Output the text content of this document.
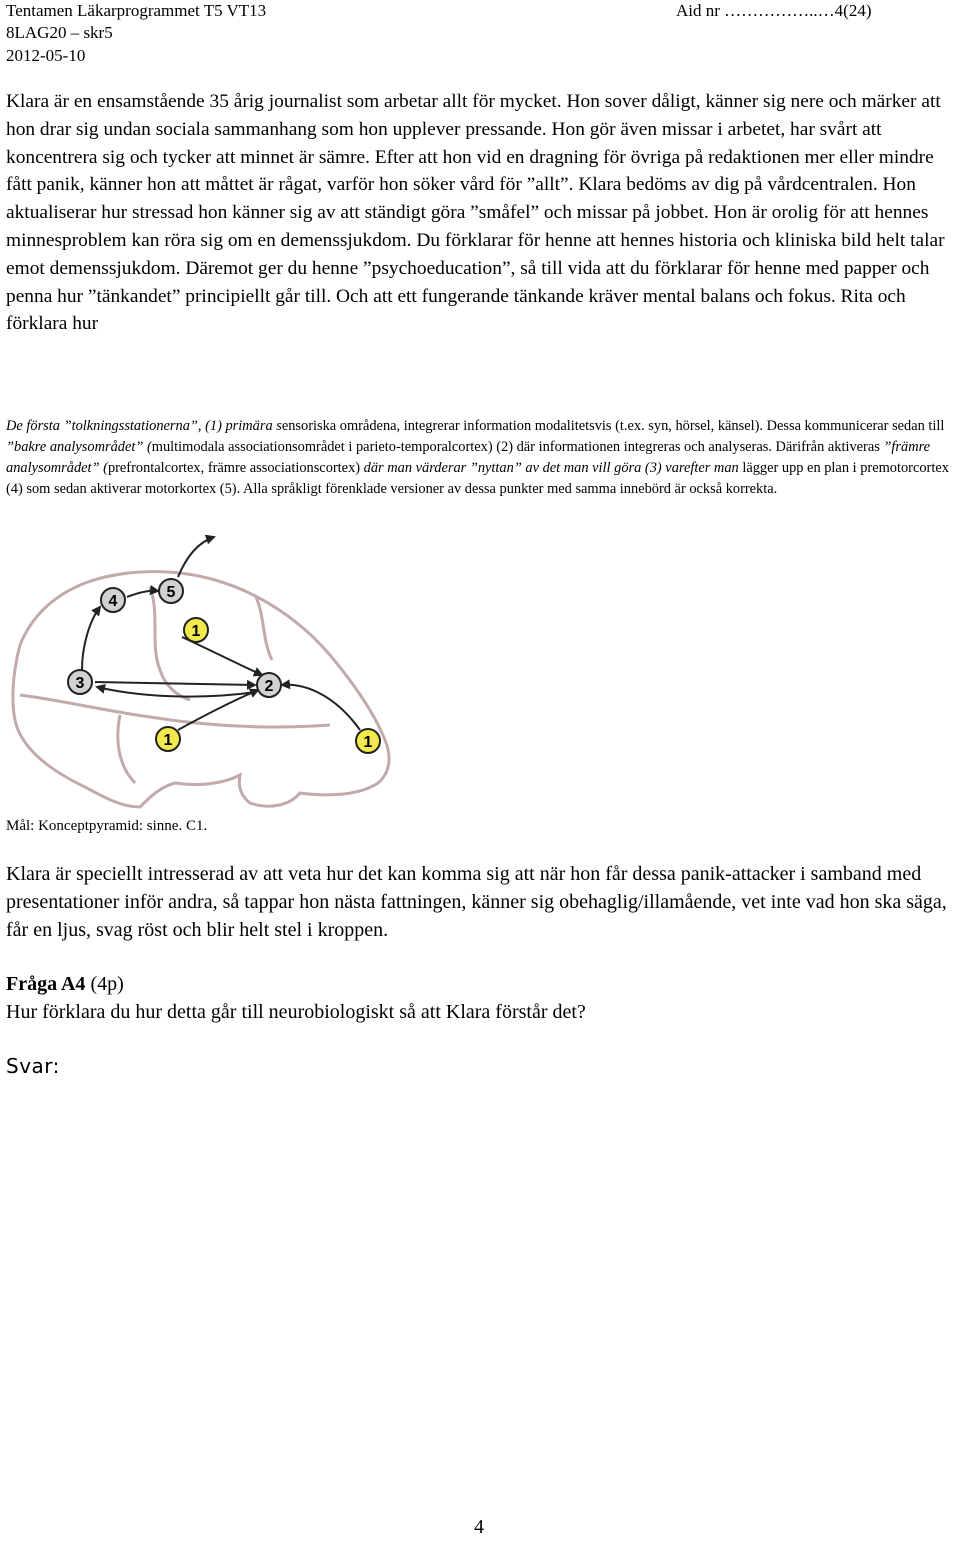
Tentamen Läkarprogrammet T5 VT13
8LAG20 – skr5
2012-05-10
Aid nr ……………..…4(24)
Klara är en ensamstående 35 årig journalist som arbetar allt för mycket. Hon sover dåligt, känner sig nere och märker att hon drar sig undan sociala sammanhang som hon upplever pressande. Hon gör även missar i arbetet, har svårt att koncentrera sig och tycker att minnet är sämre. Efter att hon vid en dragning för övriga på redaktionen mer eller mindre fått panik, känner hon att måttet är rågat, varför hon söker vård för ”allt”. Klara bedöms av dig på vårdcentralen. Hon aktualiserar hur stressad hon känner sig av att ständigt göra ”småfel” och missar på jobbet. Hon är orolig för att hennes minnesproblem kan röra sig om en demenssjukdom. Du förklarar för henne att hennes historia och kliniska bild helt talar emot demenssjukdom. Däremot ger du henne ”psychoeducation”, så till vida att du förklarar för henne med papper och penna hur ”tänkandet” principiellt går till. Och att ett fungerande tänkande kräver mental balans och fokus. Rita och förklara hur
De första ”tolkningsstationerna”, (1) primära sensoriska områdena, integrerar information modalitetsvis (t.ex. syn, hörsel, känsel). Dessa kommunicerar sedan till ”bakre analysområdet” (multimodala associationsområdet i parieto-temporalcortex) (2) där informationen integreras och analyseras. Därifrån aktiveras ”främre analysområdet” (prefrontalcortex, främre associationscortex) där man värderar ”nyttan” av det man vill göra (3) varefter man lägger upp en plan i premotorcortex (4) som sedan aktiverar motorkortex (5). Alla språkligt förenklade versioner av dessa punkter med samma innebörd är också korrekta.
1
1	1
2
3
4
5
Mål: Konceptpyramid: sinne. C1.
Klara är speciellt intresserad av att veta hur det kan komma sig att när hon får dessa panik-attacker i samband med presentationer inför andra, så tappar hon nästa fattningen, känner sig obehaglig/illamående, vet inte vad hon ska säga, får en ljus, svag röst och blir helt stel i kroppen.
Fråga A4 (4p)
Hur förklara du hur detta går till neurobiologiskt så att Klara förstår det?
Svar:
4
